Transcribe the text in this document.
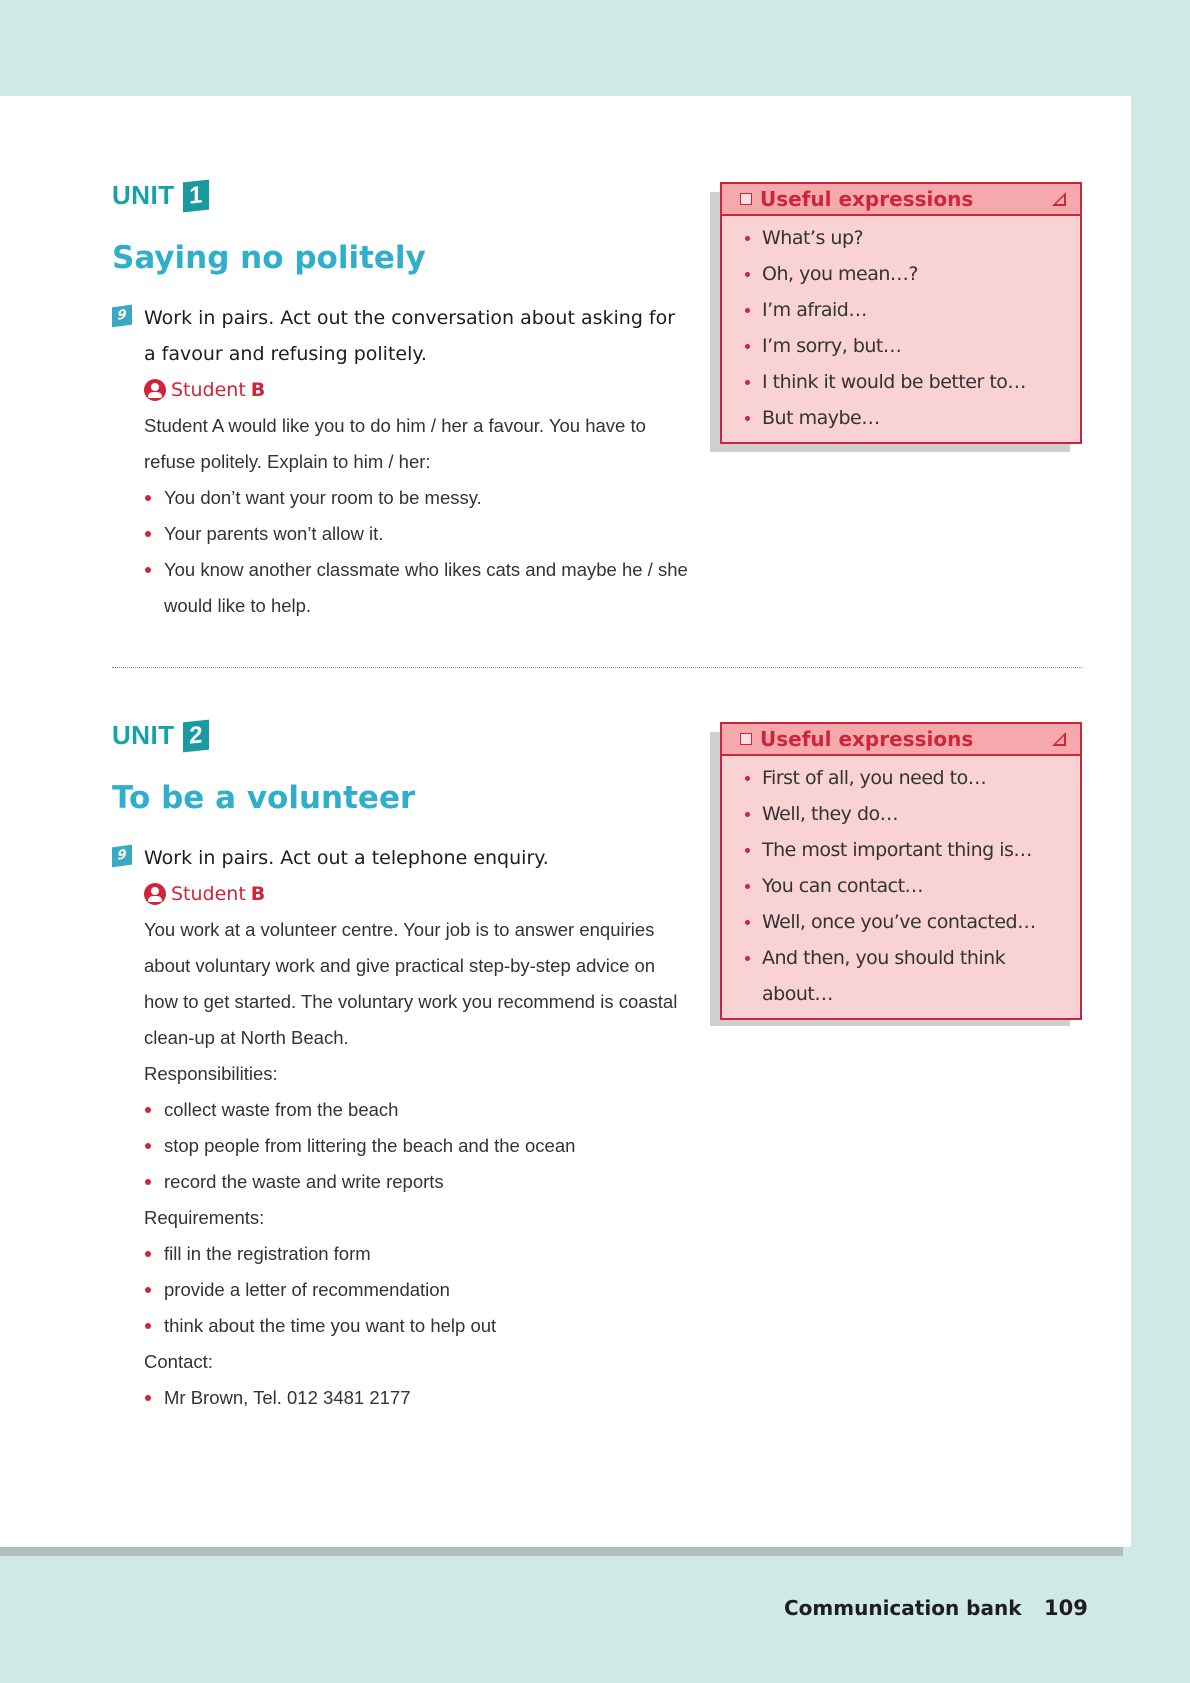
UNIT 1
Saying no politely
9 Work in pairs. Act out the conversation about asking for a favour and refusing politely.
Student B
Student A would like you to do him / her a favour. You have to refuse politely. Explain to him / her:
You don’t want your room to be messy.
Your parents won’t allow it.
You know another classmate who likes cats and maybe he / she would like to help.
Useful expressions
What’s up?
Oh, you mean…?
I’m afraid…
I’m sorry, but…
I think it would be better to…
But maybe…
UNIT 2
To be a volunteer
9 Work in pairs. Act out a telephone enquiry.
Student B
You work at a volunteer centre. Your job is to answer enquiries about voluntary work and give practical step-by-step advice on how to get started. The voluntary work you recommend is coastal clean-up at North Beach.
Responsibilities:
collect waste from the beach
stop people from littering the beach and the ocean
record the waste and write reports
Requirements:
fill in the registration form
provide a letter of recommendation
think about the time you want to help out
Contact:
Mr Brown, Tel. 012 3481 2177
Useful expressions
First of all, you need to…
Well, they do…
The most important thing is…
You can contact…
Well, once you’ve contacted…
And then, you should think about…
Communication bank 109
